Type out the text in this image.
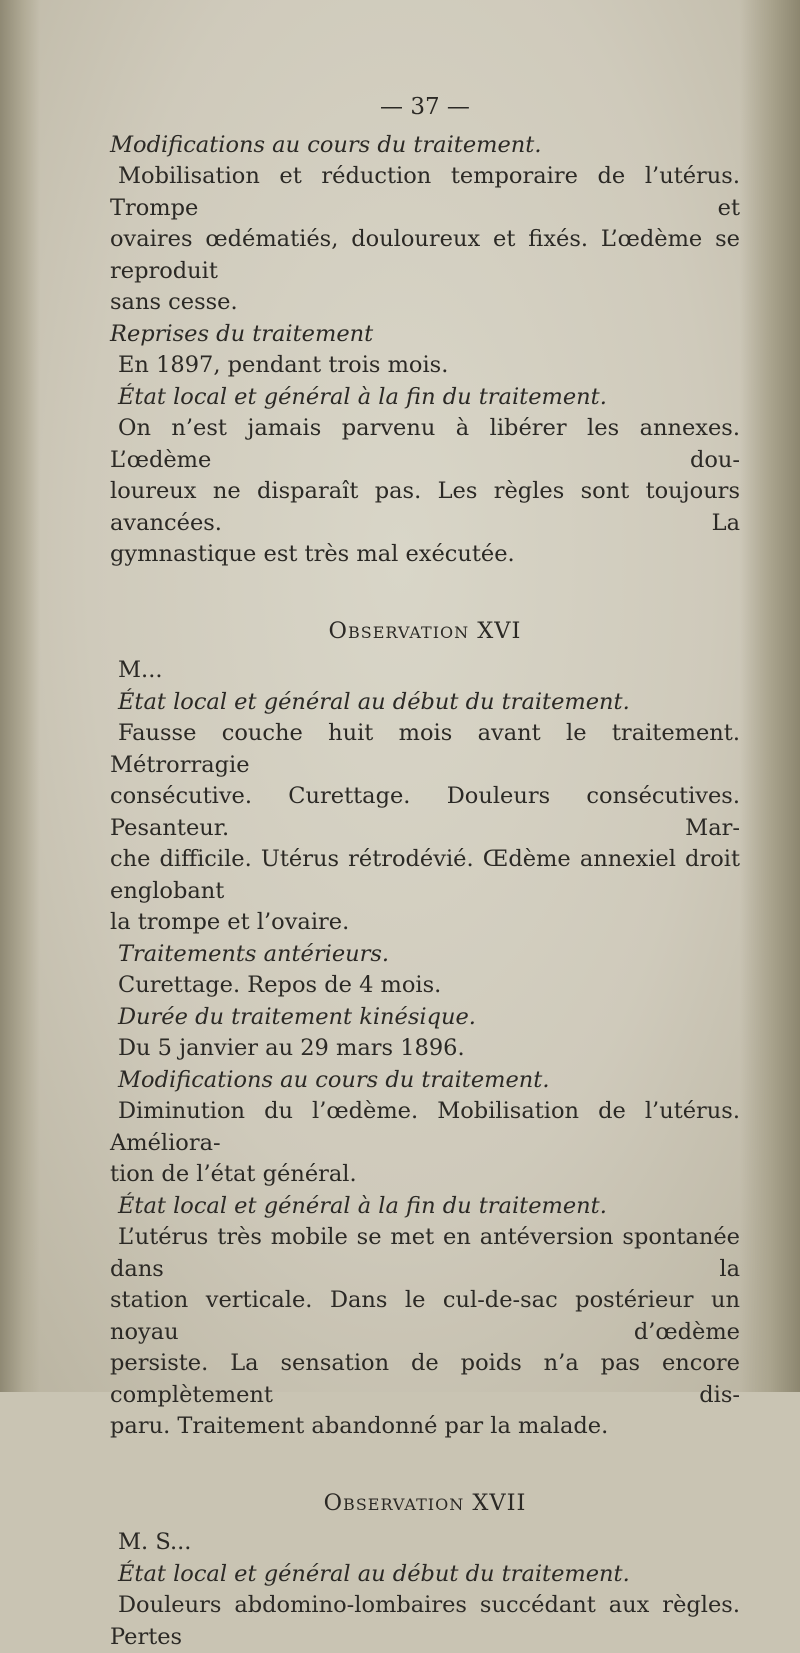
— 37 —

Modifications au cours du traitement.

Mobilisation et réduction temporaire de l’utérus. Trompe et

ovaires œdématiés, douloureux et fixés. L’œdème se reproduit

sans cesse.

Reprises du traitement

En 1897, pendant trois mois.

État local et général à la fin du traitement.

On n’est jamais parvenu à libérer les annexes. L’œdème dou-

loureux ne disparaît pas. Les règles sont toujours avancées. La

gymnastique est très mal exécutée.

Observation XVI

M...

État local et général au début du traitement.

Fausse couche huit mois avant le traitement. Métrorragie

consécutive. Curettage. Douleurs consécutives. Pesanteur. Mar-

che difficile. Utérus rétrodévié. Œdème annexiel droit englobant

la trompe et l’ovaire.

Traitements antérieurs.

Curettage. Repos de 4 mois.

Durée du traitement kinésique.

Du 5 janvier au 29 mars 1896.

Modifications au cours du traitement.

Diminution du l’œdème. Mobilisation de l’utérus. Améliora-

tion de l’état général.

État local et général à la fin du traitement.

L’utérus très mobile se met en antéversion spontanée dans la

station verticale. Dans le cul-de-sac postérieur un noyau d’œdème

persiste. La sensation de poids n’a pas encore complètement dis-

paru. Traitement abandonné par la malade.

Observation XVII

M. S...

État local et général au début du traitement.

Douleurs abdomino-lombaires succédant aux règles. Pertes
